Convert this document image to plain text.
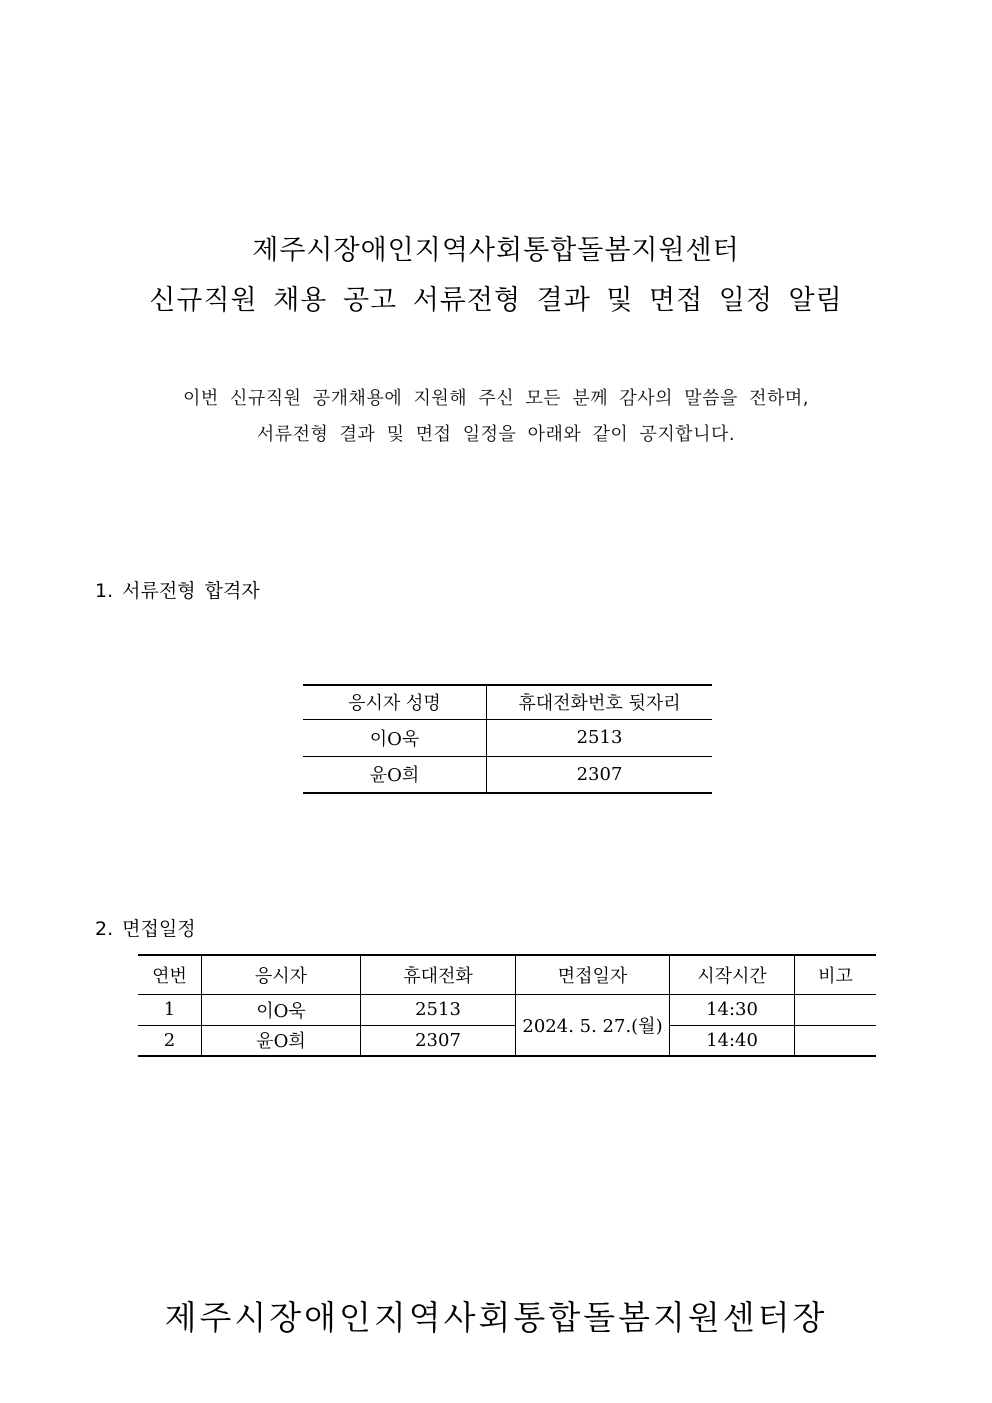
제주시장애인지역사회통합돌봄지원센터
신규직원 채용 공고 서류전형 결과 및 면접 일정 알림
이번 신규직원 공개채용에 지원해 주신 모든 분께 감사의 말씀을 전하며,
서류전형 결과 및 면접 일정을 아래와 같이 공지합니다.
1. 서류전형 합격자
응시자 성명	휴대전화번호 뒷자리
이O욱	2513
윤O희	2307
2. 면접일정
연번	응시자	휴대전화	면접일자	시작시간	비고
1	이O욱	2513	2024. 5. 27.(월)	14:30	
2	윤O희	2307		14:40	
제주시장애인지역사회통합돌봄지원센터장
